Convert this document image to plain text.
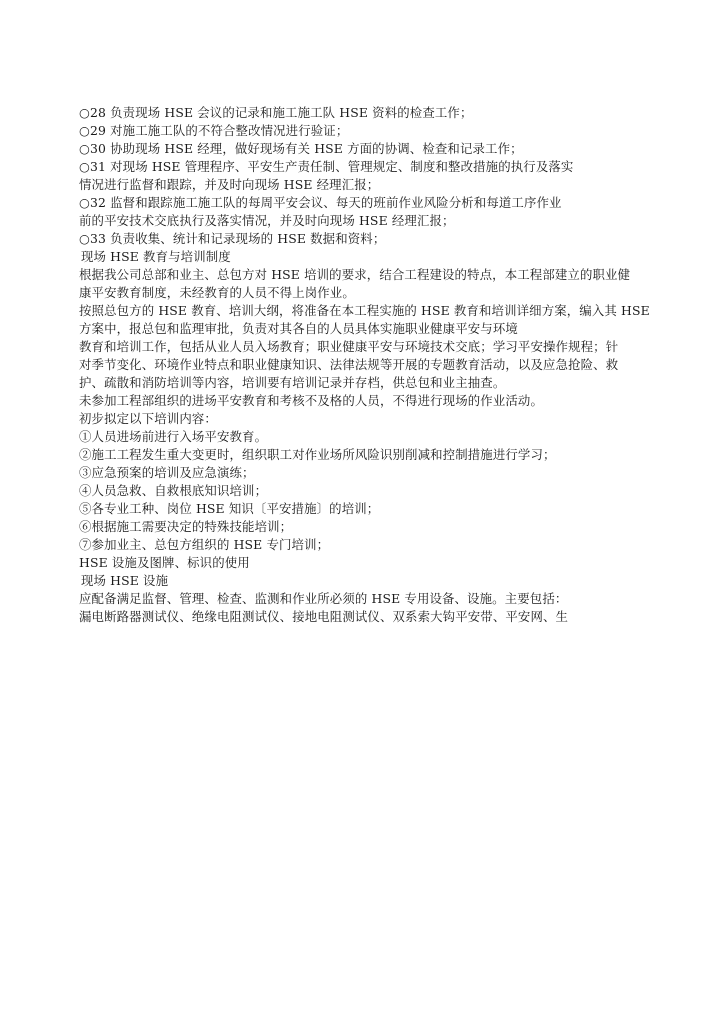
○28 负责现场 HSE 会议的记录和施工施工队 HSE 资料的检查工作；
○29 对施工施工队的不符合整改情况进行验证；
○30 协助现场 HSE 经理，做好现场有关 HSE 方面的协调、检查和记录工作；
○31 对现场 HSE 管理程序、平安生产责任制、管理规定、制度和整改措施的执行及落实
情况进行监督和跟踪，并及时向现场 HSE 经理汇报；
○32 监督和跟踪施工施工队的每周平安会议、每天的班前作业风险分析和每道工序作业
前的平安技术交底执行及落实情况，并及时向现场 HSE 经理汇报；
○33 负责收集、统计和记录现场的 HSE 数据和资料；
现场 HSE 教育与培训制度
根据我公司总部和业主、总包方对 HSE 培训的要求，结合工程建设的特点，本工程部建立的职业健
康平安教育制度，未经教育的人员不得上岗作业。
按照总包方的 HSE 教育、培训大纲，将准备在本工程实施的 HSE 教育和培训详细方案，编入其 HSE
方案中，报总包和监理审批，负责对其各自的人员具体实施职业健康平安与环境
教育和培训工作，包括从业人员入场教育；职业健康平安与环境技术交底；学习平安操作规程；针
对季节变化、环境作业特点和职业健康知识、法律法规等开展的专题教育活动，以及应急抢险、救
护、疏散和消防培训等内容，培训要有培训记录并存档，供总包和业主抽查。
未参加工程部组织的进场平安教育和考核不及格的人员，不得进行现场的作业活动。
初步拟定以下培训内容：
①人员进场前进行入场平安教育。
②施工工程发生重大变更时，组织职工对作业场所风险识别削减和控制措施进行学习；
③应急预案的培训及应急演练；
④人员急救、自救根底知识培训；
⑤各专业工种、岗位 HSE 知识〔平安措施〕的培训；
⑥根据施工需要决定的特殊技能培训；
⑦参加业主、总包方组织的 HSE 专门培训；
HSE 设施及图牌、标识的使用
现场 HSE 设施
应配备满足监督、管理、检查、监测和作业所必须的 HSE 专用设备、设施。主要包括：
漏电断路器测试仪、绝缘电阻测试仪、接地电阻测试仪、双系索大钩平安带、平安网、生
